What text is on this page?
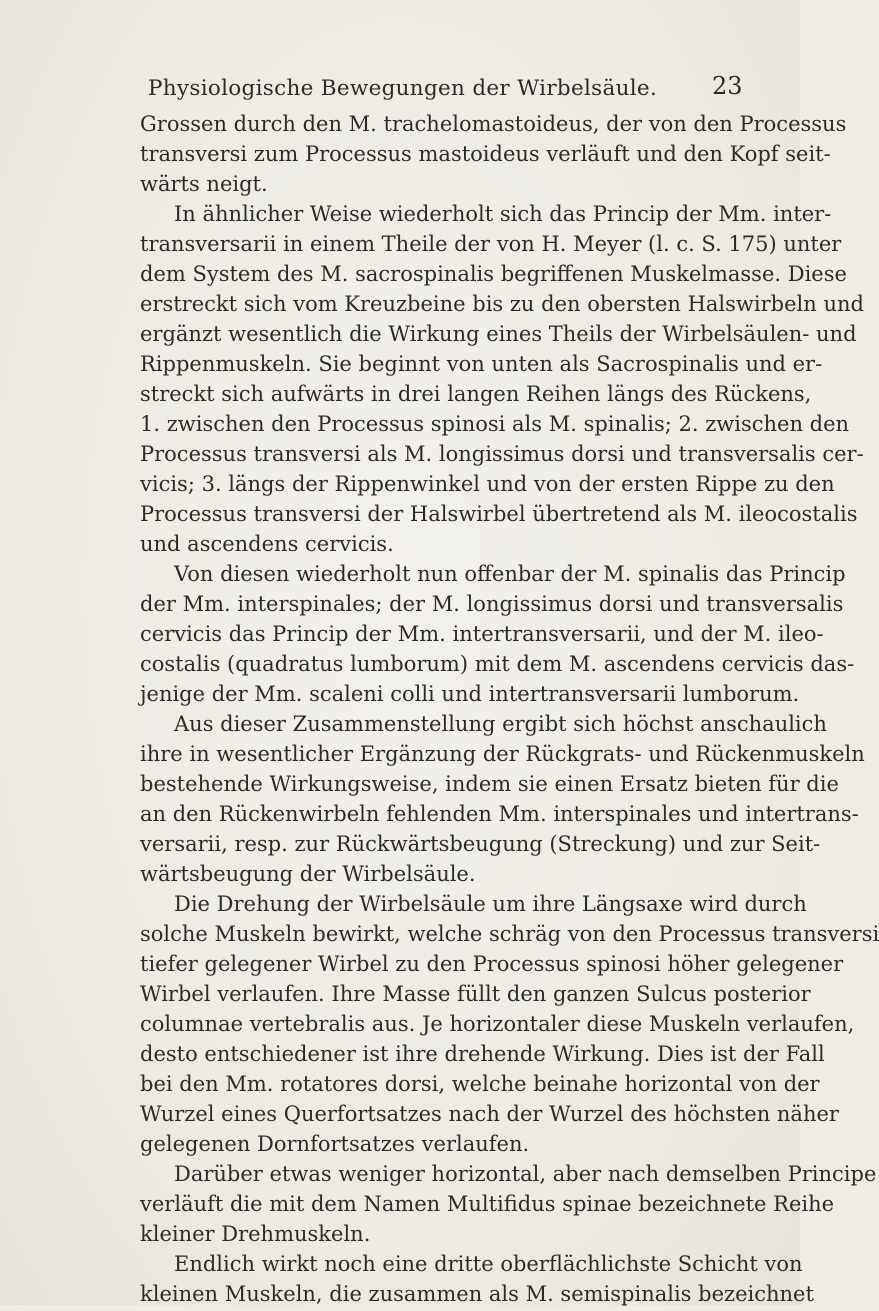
Physiologische Bewegungen der Wirbelsäule. 23
Grossen durch den M. trachelomastoideus, der von den Processus
transversi zum Processus mastoideus verläuft und den Kopf seit-
wärts neigt.
In ähnlicher Weise wiederholt sich das Princip der Mm. inter-
transversarii in einem Theile der von H. Meyer (l. c. S. 175) unter
dem System des M. sacrospinalis begriffenen Muskelmasse. Diese
erstreckt sich vom Kreuzbeine bis zu den obersten Halswirbeln und
ergänzt wesentlich die Wirkung eines Theils der Wirbelsäulen- und
Rippenmuskeln. Sie beginnt von unten als Sacrospinalis und er-
streckt sich aufwärts in drei langen Reihen längs des Rückens,
1. zwischen den Processus spinosi als M. spinalis; 2. zwischen den
Processus transversi als M. longissimus dorsi und transversalis cer-
vicis; 3. längs der Rippenwinkel und von der ersten Rippe zu den
Processus transversi der Halswirbel übertretend als M. ileocostalis
und ascendens cervicis.
Von diesen wiederholt nun offenbar der M. spinalis das Princip
der Mm. interspinales; der M. longissimus dorsi und transversalis
cervicis das Princip der Mm. intertransversarii, und der M. ileo-
costalis (quadratus lumborum) mit dem M. ascendens cervicis das-
jenige der Mm. scaleni colli und intertransversarii lumborum.
Aus dieser Zusammenstellung ergibt sich höchst anschaulich
ihre in wesentlicher Ergänzung der Rückgrats- und Rückenmuskeln
bestehende Wirkungsweise, indem sie einen Ersatz bieten für die
an den Rückenwirbeln fehlenden Mm. interspinales und intertrans-
versarii, resp. zur Rückwärtsbeugung (Streckung) und zur Seit-
wärtsbeugung der Wirbelsäule.
Die Drehung der Wirbelsäule um ihre Längsaxe wird durch
solche Muskeln bewirkt, welche schräg von den Processus transversi
tiefer gelegener Wirbel zu den Processus spinosi höher gelegener
Wirbel verlaufen. Ihre Masse füllt den ganzen Sulcus posterior
columnae vertebralis aus. Je horizontaler diese Muskeln verlaufen,
desto entschiedener ist ihre drehende Wirkung. Dies ist der Fall
bei den Mm. rotatores dorsi, welche beinahe horizontal von der
Wurzel eines Querfortsatzes nach der Wurzel des höchsten näher
gelegenen Dornfortsatzes verlaufen.
Darüber etwas weniger horizontal, aber nach demselben Principe
verläuft die mit dem Namen Multifidus spinae bezeichnete Reihe
kleiner Drehmuskeln.
Endlich wirkt noch eine dritte oberflächlichste Schicht von
kleinen Muskeln, die zusammen als M. semispinalis bezeichnet
